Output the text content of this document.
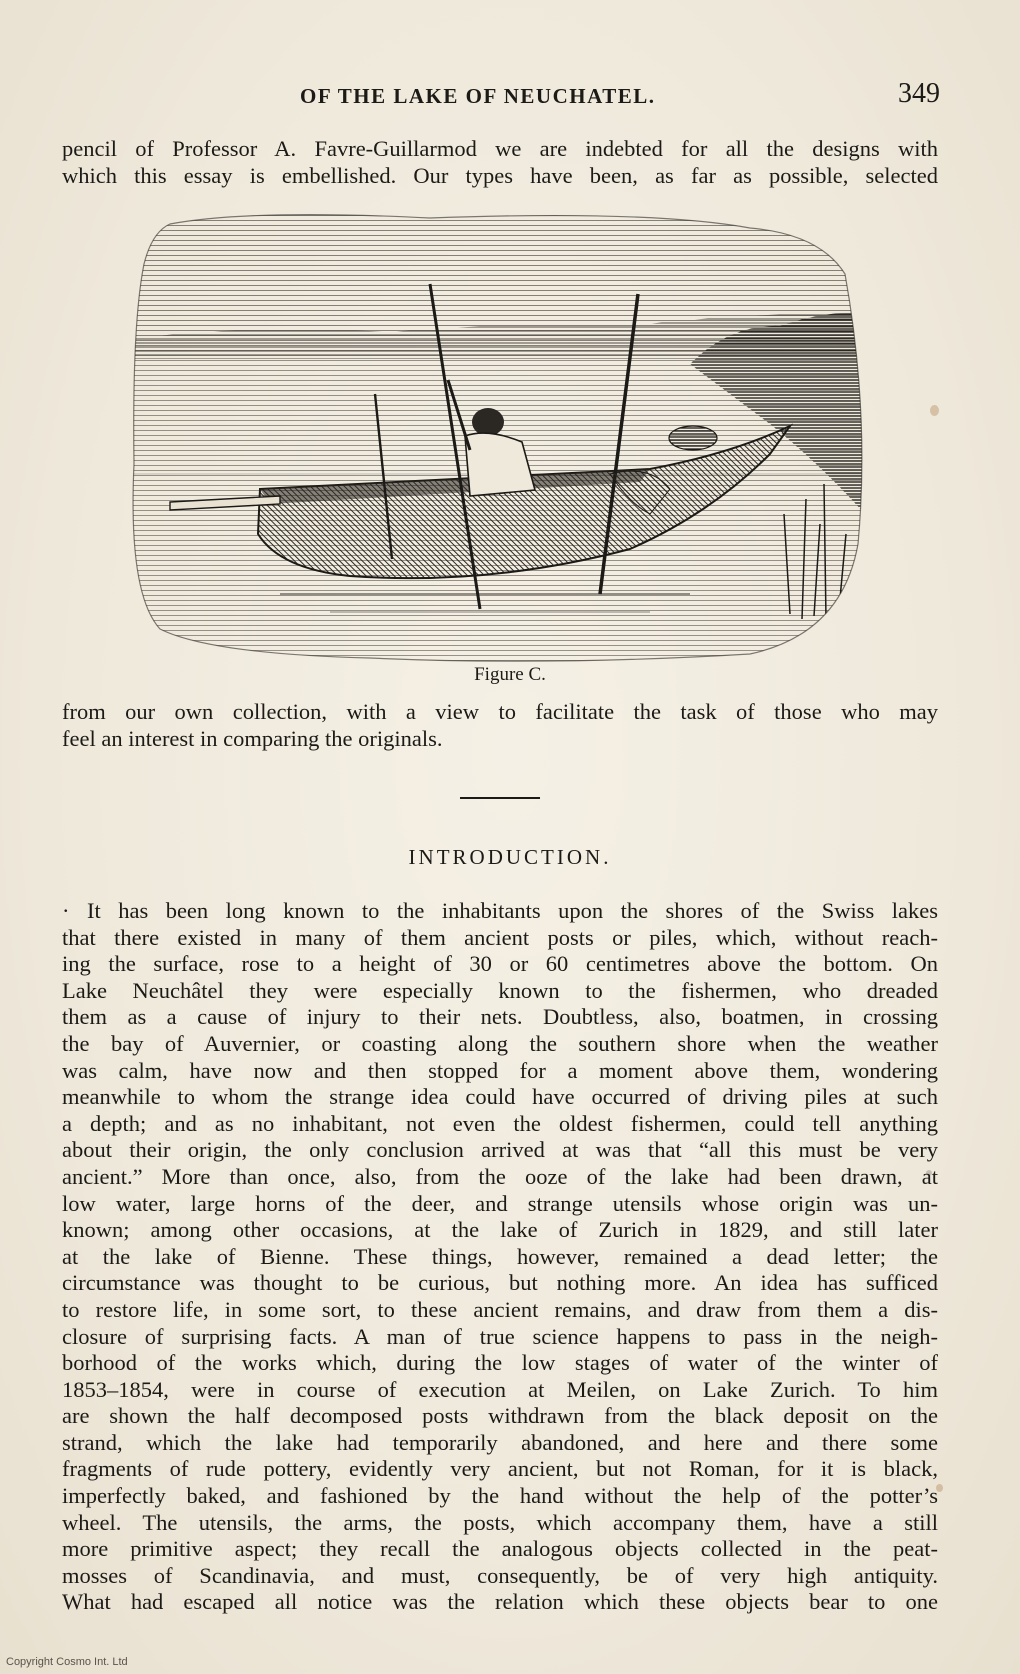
OF THE LAKE OF NEUCHATEL.	349
pencil of Professor A. Favre-Guillarmod we are indebted for all the designs with
which this essay is embellished. Our types have been, as far as possible, selected
Figure C.
from our own collection, with a view to facilitate the task of those who may
feel an interest in comparing the originals.
INTRODUCTION.
· It has been long known to the inhabitants upon the shores of the Swiss lakes
that there existed in many of them ancient posts or piles, which, without reach-
ing the surface, rose to a height of 30 or 60 centimetres above the bottom. On
Lake Neuchâtel they were especially known to the fishermen, who dreaded
them as a cause of injury to their nets. Doubtless, also, boatmen, in crossing
the bay of Auvernier, or coasting along the southern shore when the weather
was calm, have now and then stopped for a moment above them, wondering
meanwhile to whom the strange idea could have occurred of driving piles at such
a depth; and as no inhabitant, not even the oldest fishermen, could tell anything
about their origin, the only conclusion arrived at was that “all this must be very
ancient.” More than once, also, from the ooze of the lake had been drawn, at
low water, large horns of the deer, and strange utensils whose origin was un-
known; among other occasions, at the lake of Zurich in 1829, and still later
at the lake of Bienne. These things, however, remained a dead letter; the
circumstance was thought to be curious, but nothing more. An idea has sufficed
to restore life, in some sort, to these ancient remains, and draw from them a dis-
closure of surprising facts. A man of true science happens to pass in the neigh-
borhood of the works which, during the low stages of water of the winter of
1853–1854, were in course of execution at Meilen, on Lake Zurich. To him
are shown the half decomposed posts withdrawn from the black deposit on the
strand, which the lake had temporarily abandoned, and here and there some
fragments of rude pottery, evidently very ancient, but not Roman, for it is black,
imperfectly baked, and fashioned by the hand without the help of the potter’s
wheel. The utensils, the arms, the posts, which accompany them, have a still
more primitive aspect; they recall the analogous objects collected in the peat-
mosses of Scandinavia, and must, consequently, be of very high antiquity.
What had escaped all notice was the relation which these objects bear to one
Copyright Cosmo Int. Ltd
